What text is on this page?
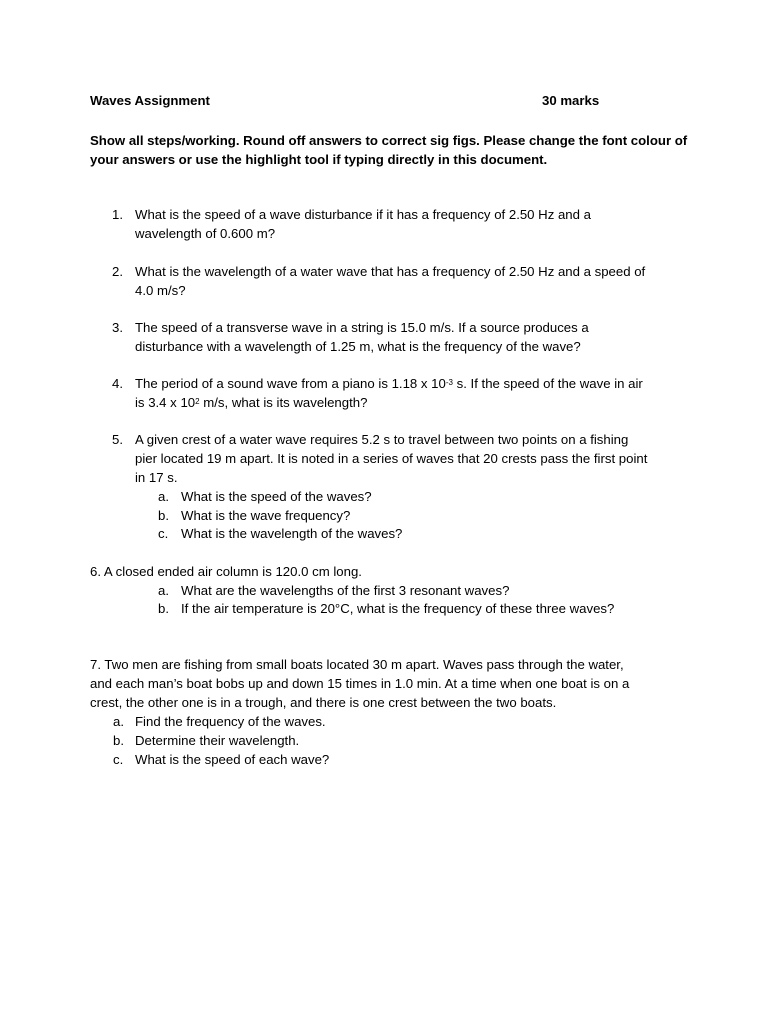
Waves Assignment	30 marks
Show all steps/working. Round off answers to correct sig figs. Please change the font colour of your answers or use the highlight tool if typing directly in this document.
1. What is the speed of a wave disturbance if it has a frequency of 2.50 Hz and a
wavelength of 0.600 m?
2. What is the wavelength of a water wave that has a frequency of 2.50 Hz and a speed of
4.0 m/s?
3. The speed of a transverse wave in a string is 15.0 m/s. If a source produces a
disturbance with a wavelength of 1.25 m, what is the frequency of the wave?
4. The period of a sound wave from a piano is 1.18 x $10^{-3}$ s. If the speed of the wave in air
is 3.4 x $10^2$ m/s, what is its wavelength?
5. A given crest of a water wave requires 5.2 s to travel between two points on a fishing
pier located 19 m apart. It is noted in a series of waves that 20 crests pass the first point
in 17 s.
a. What is the speed of the waves?
b. What is the wave frequency?
c. What is the wavelength of the waves?
6. A closed ended air column is 120.0 cm long.
a. What are the wavelengths of the first 3 resonant waves?
b. If the air temperature is 20°C, what is the frequency of these three waves?
7. Two men are fishing from small boats located 30 m apart. Waves pass through the water,
and each man’s boat bobs up and down 15 times in 1.0 min. At a time when one boat is on a
crest, the other one is in a trough, and there is one crest between the two boats.
a. Find the frequency of the waves.
b. Determine their wavelength.
c. What is the speed of each wave?
